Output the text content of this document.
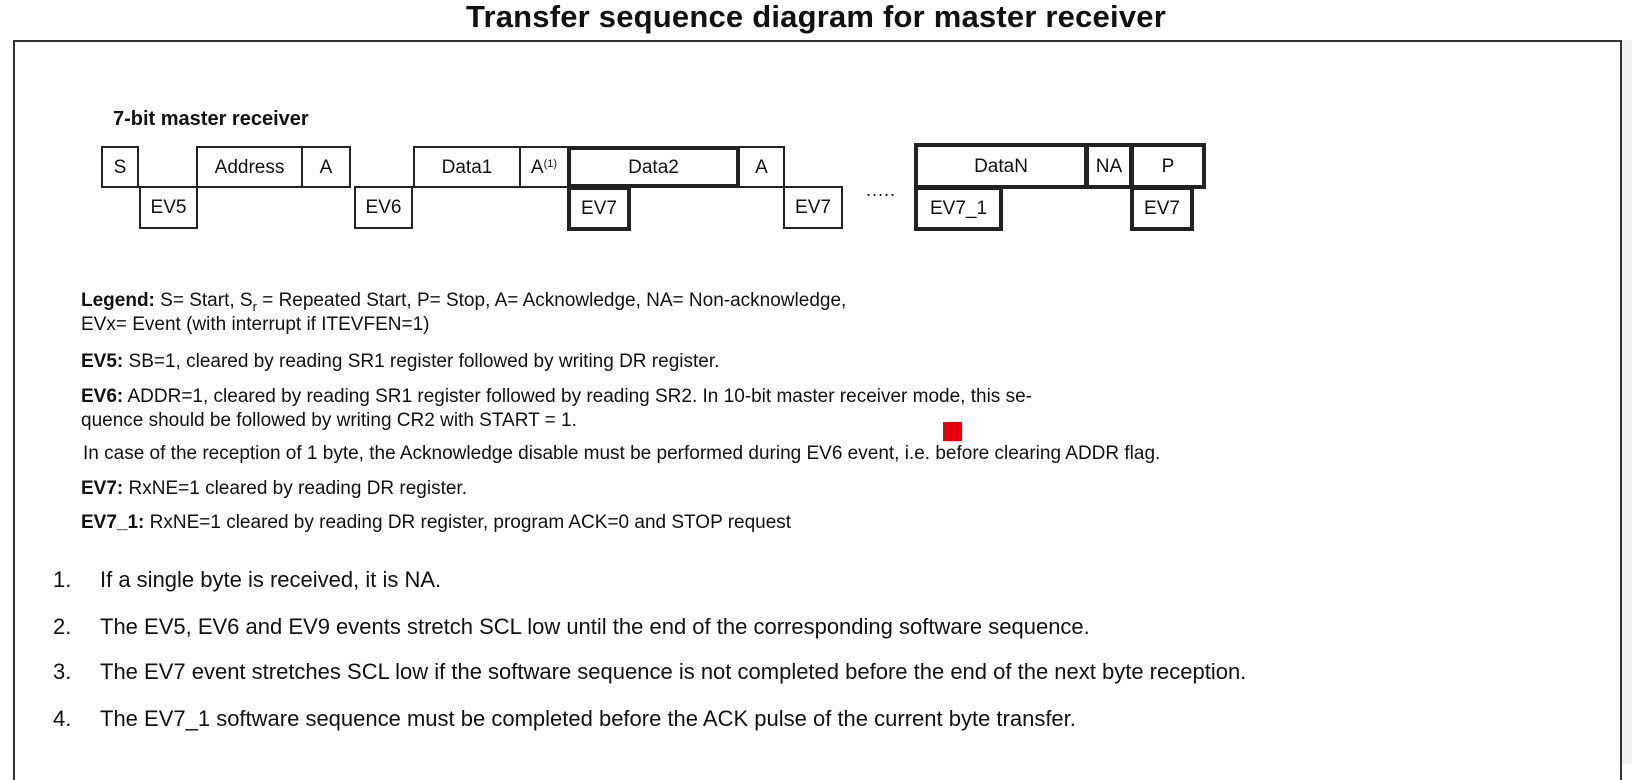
Transfer sequence diagram for master receiver
7-bit master receiver
S	Address A	Data1 $A^{(1)}$	Data2	A	DataN	NA P
EV5	EV6	EV7	EV7	EV7_1	EV7
.....
Legend: S= Start, $S_r$ = Repeated Start, P= Stop, A= Acknowledge, NA= Non-acknowledge,
EVx= Event (with interrupt if ITEVFEN=1)
EV5: SB=1, cleared by reading SR1 register followed by writing DR register.
EV6: ADDR=1, cleared by reading SR1 register followed by reading SR2. In 10-bit master receiver mode, this se-
quence should be followed by writing CR2 with START = 1.
In case of the reception of 1 byte, the Acknowledge disable must be performed during EV6 event, i.e. before clearing ADDR flag.
EV7: RxNE=1 cleared by reading DR register.
EV7_1: RxNE=1 cleared by reading DR register, program ACK=0 and STOP request
1. If a single byte is received, it is NA.
2. The EV5, EV6 and EV9 events stretch SCL low until the end of the corresponding software sequence.
3. The EV7 event stretches SCL low if the software sequence is not completed before the end of the next byte reception.
4. The EV7_1 software sequence must be completed before the ACK pulse of the current byte transfer.
